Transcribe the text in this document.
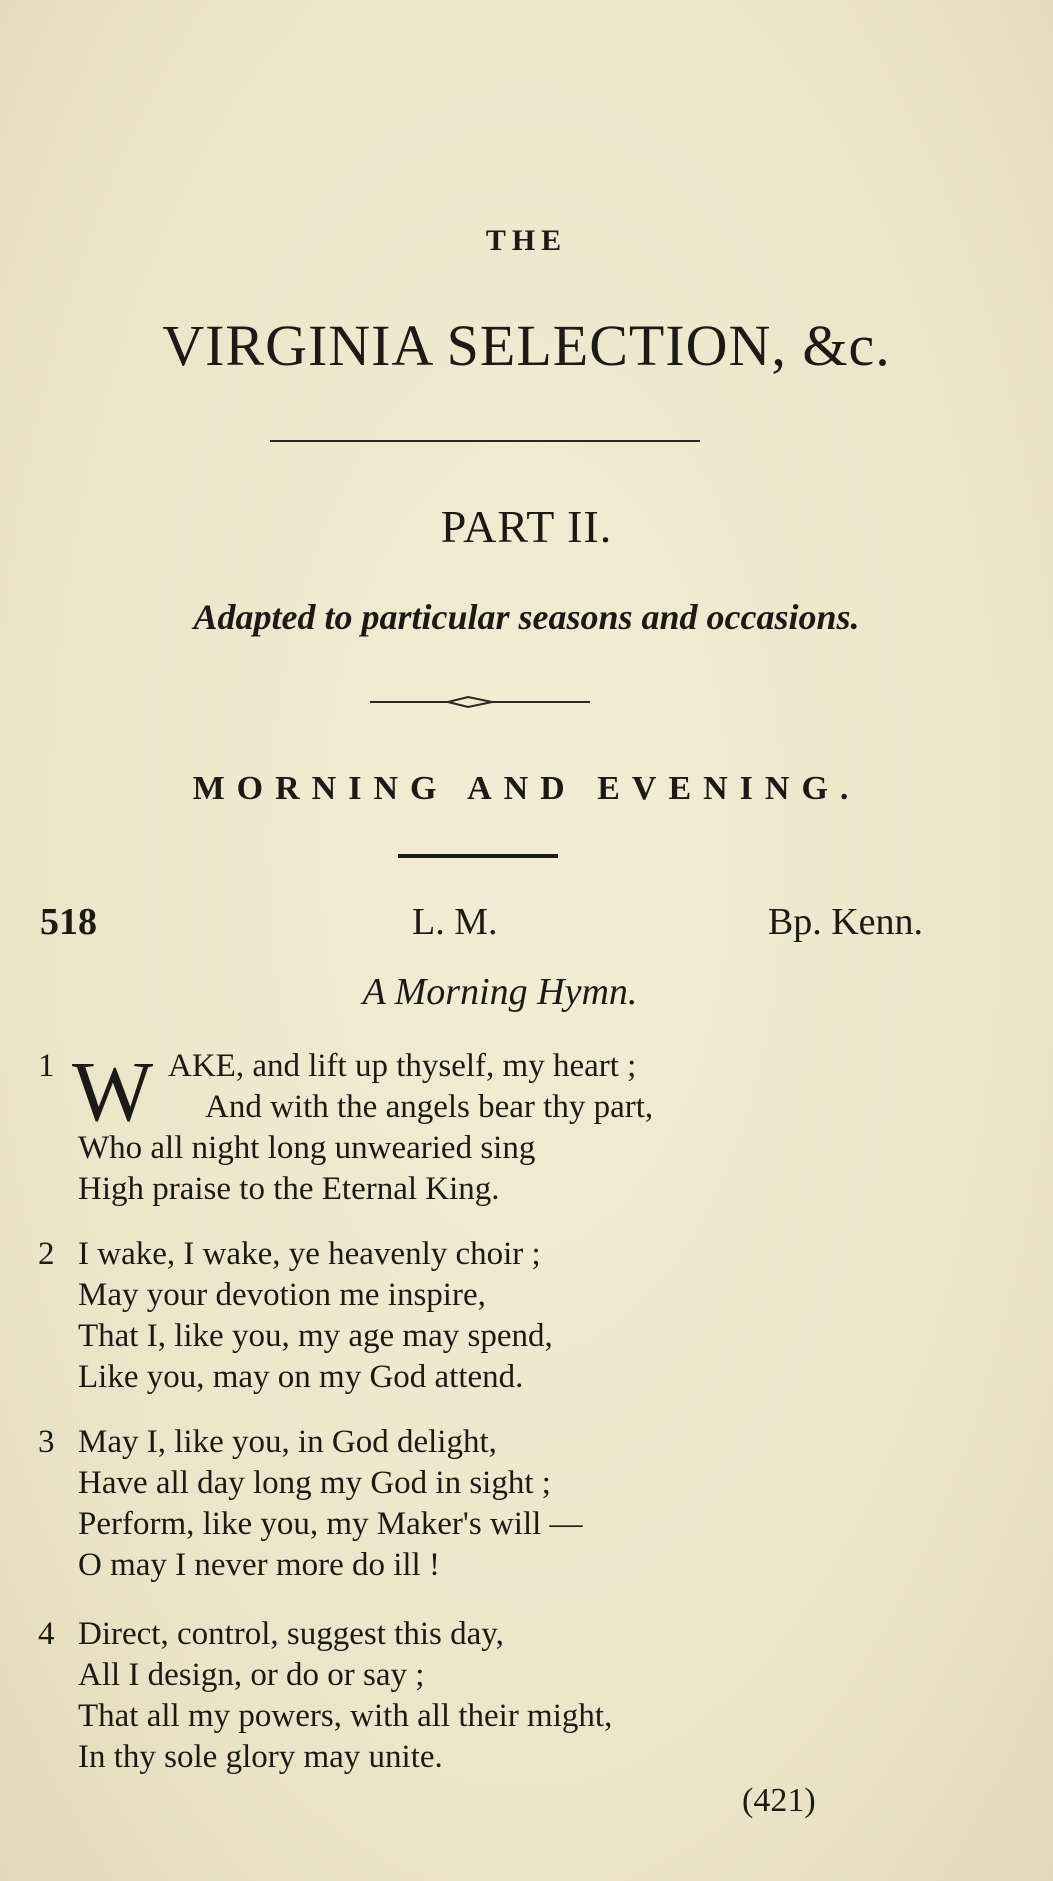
THE
VIRGINIA SELECTION, &c.
PART II.
Adapted to particular seasons and occasions.
MORNING AND EVENING.
518	L. M.	Bp. Kenn.
A Morning Hymn.
1 W AKE, and lift up thyself, my heart ;
And with the angels bear thy part,
Who all night long unwearied sing
High praise to the Eternal King.
2 I wake, I wake, ye heavenly choir ;
May your devotion me inspire,
That I, like you, my age may spend,
Like you, may on my God attend.
3 May I, like you, in God delight,
Have all day long my God in sight ;
Perform, like you, my Maker's will —
O may I never more do ill !
4 Direct, control, suggest this day,
All I design, or do or say ;
That all my powers, with all their might,
In thy sole glory may unite.
(421)
